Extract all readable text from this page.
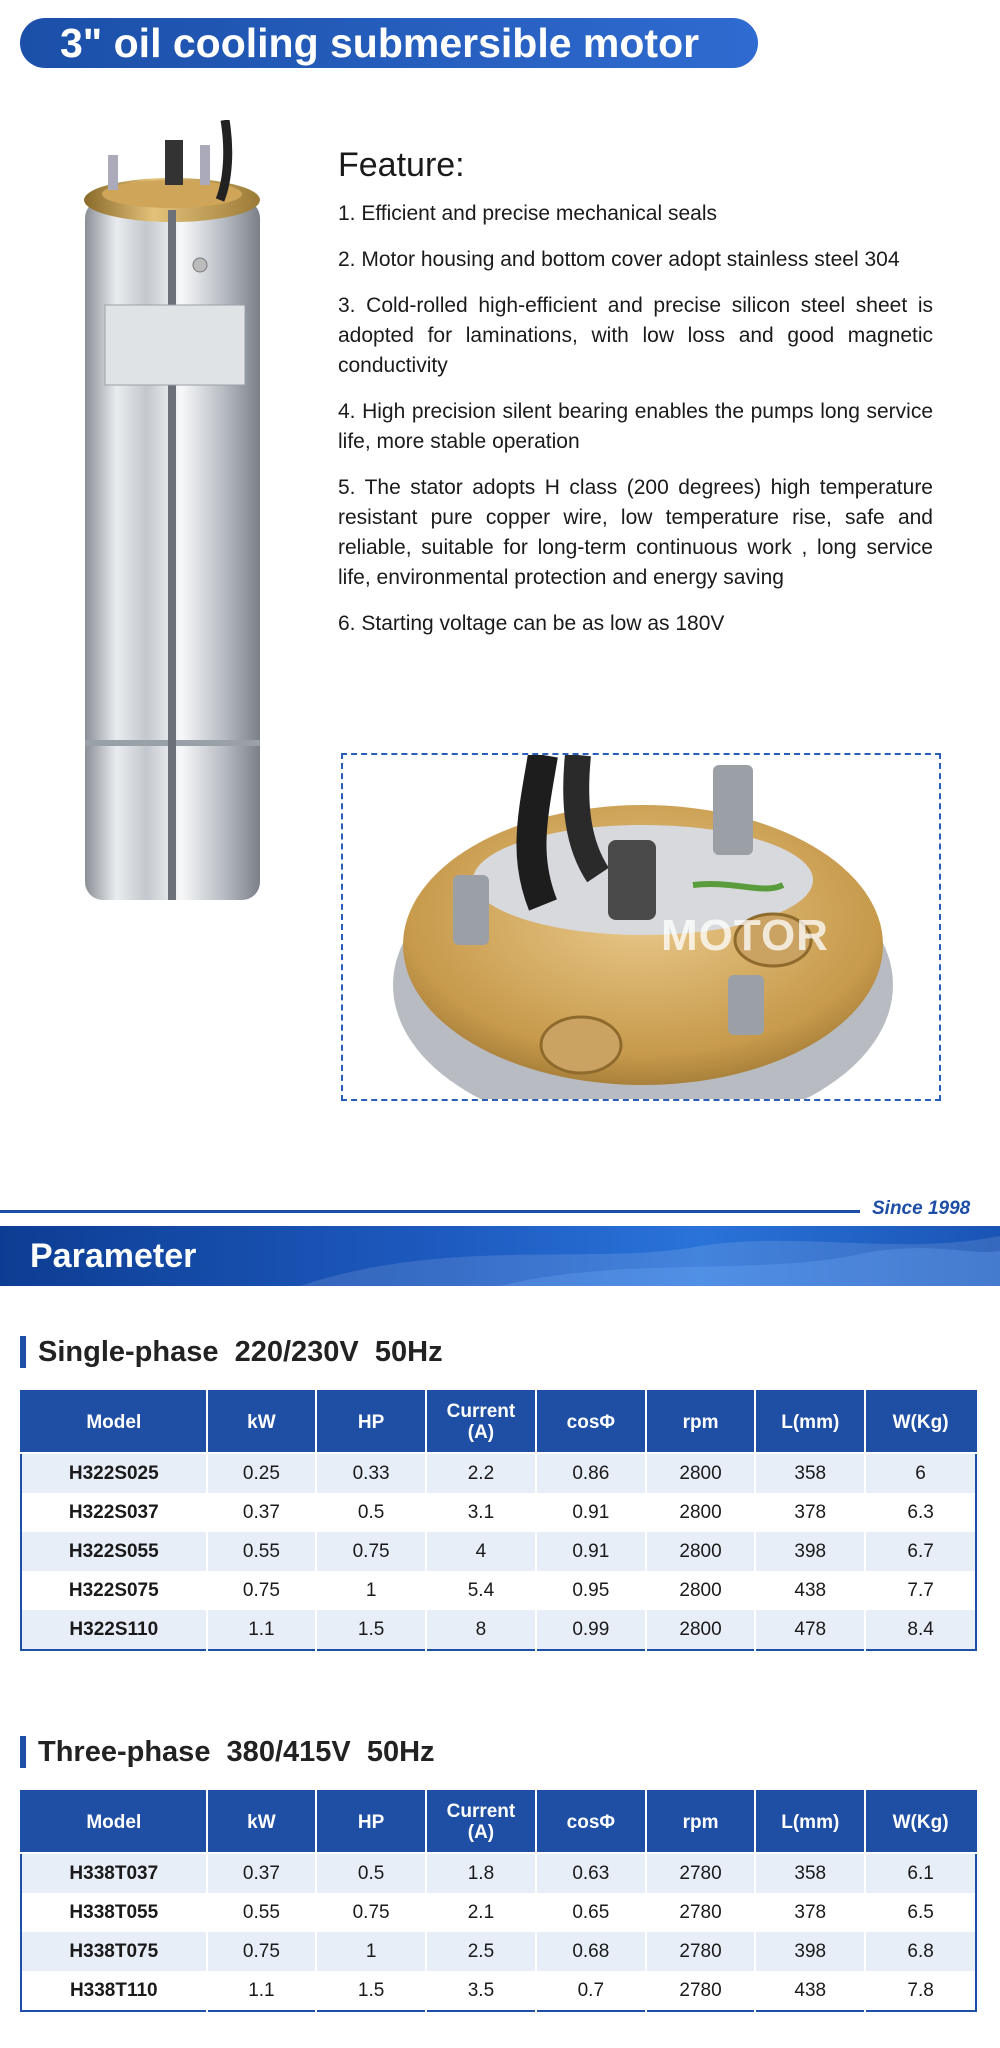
3" oil cooling submersible motor
Feature:
1. Efficient and precise mechanical seals
2. Motor housing and bottom cover adopt stainless steel 304
3. Cold-rolled high-efficient and precise silicon steel sheet is adopted for laminations, with low loss and good magnetic conductivity
4. High precision silent bearing enables the pumps long service life, more stable operation
5. The stator adopts H class (200 degrees) high temperature resistant pure copper wire, low temperature rise, safe and reliable, suitable for long-term continuous work , long service life, environmental protection and energy saving
6. Starting voltage can be as low as 180V
MOTOR
Since 1998
Parameter
Single-phase  220/230V  50Hz
Model	kW	HP	Current (A)	cosΦ	rpm	L(mm)	W(Kg)
H322S025	0.25	0.33	2.2	0.86	2800	358	6
H322S037	0.37	0.5	3.1	0.91	2800	378	6.3
H322S055	0.55	0.75	4	0.91	2800	398	6.7
H322S075	0.75	1	5.4	0.95	2800	438	7.7
H322S110	1.1	1.5	8	0.99	2800	478	8.4
Three-phase  380/415V  50Hz
Model	kW	HP	Current (A)	cosΦ	rpm	L(mm)	W(Kg)
H338T037	0.37	0.5	1.8	0.63	2780	358	6.1
H338T055	0.55	0.75	2.1	0.65	2780	378	6.5
H338T075	0.75	1	2.5	0.68	2780	398	6.8
H338T110	1.1	1.5	3.5	0.7	2780	438	7.8
